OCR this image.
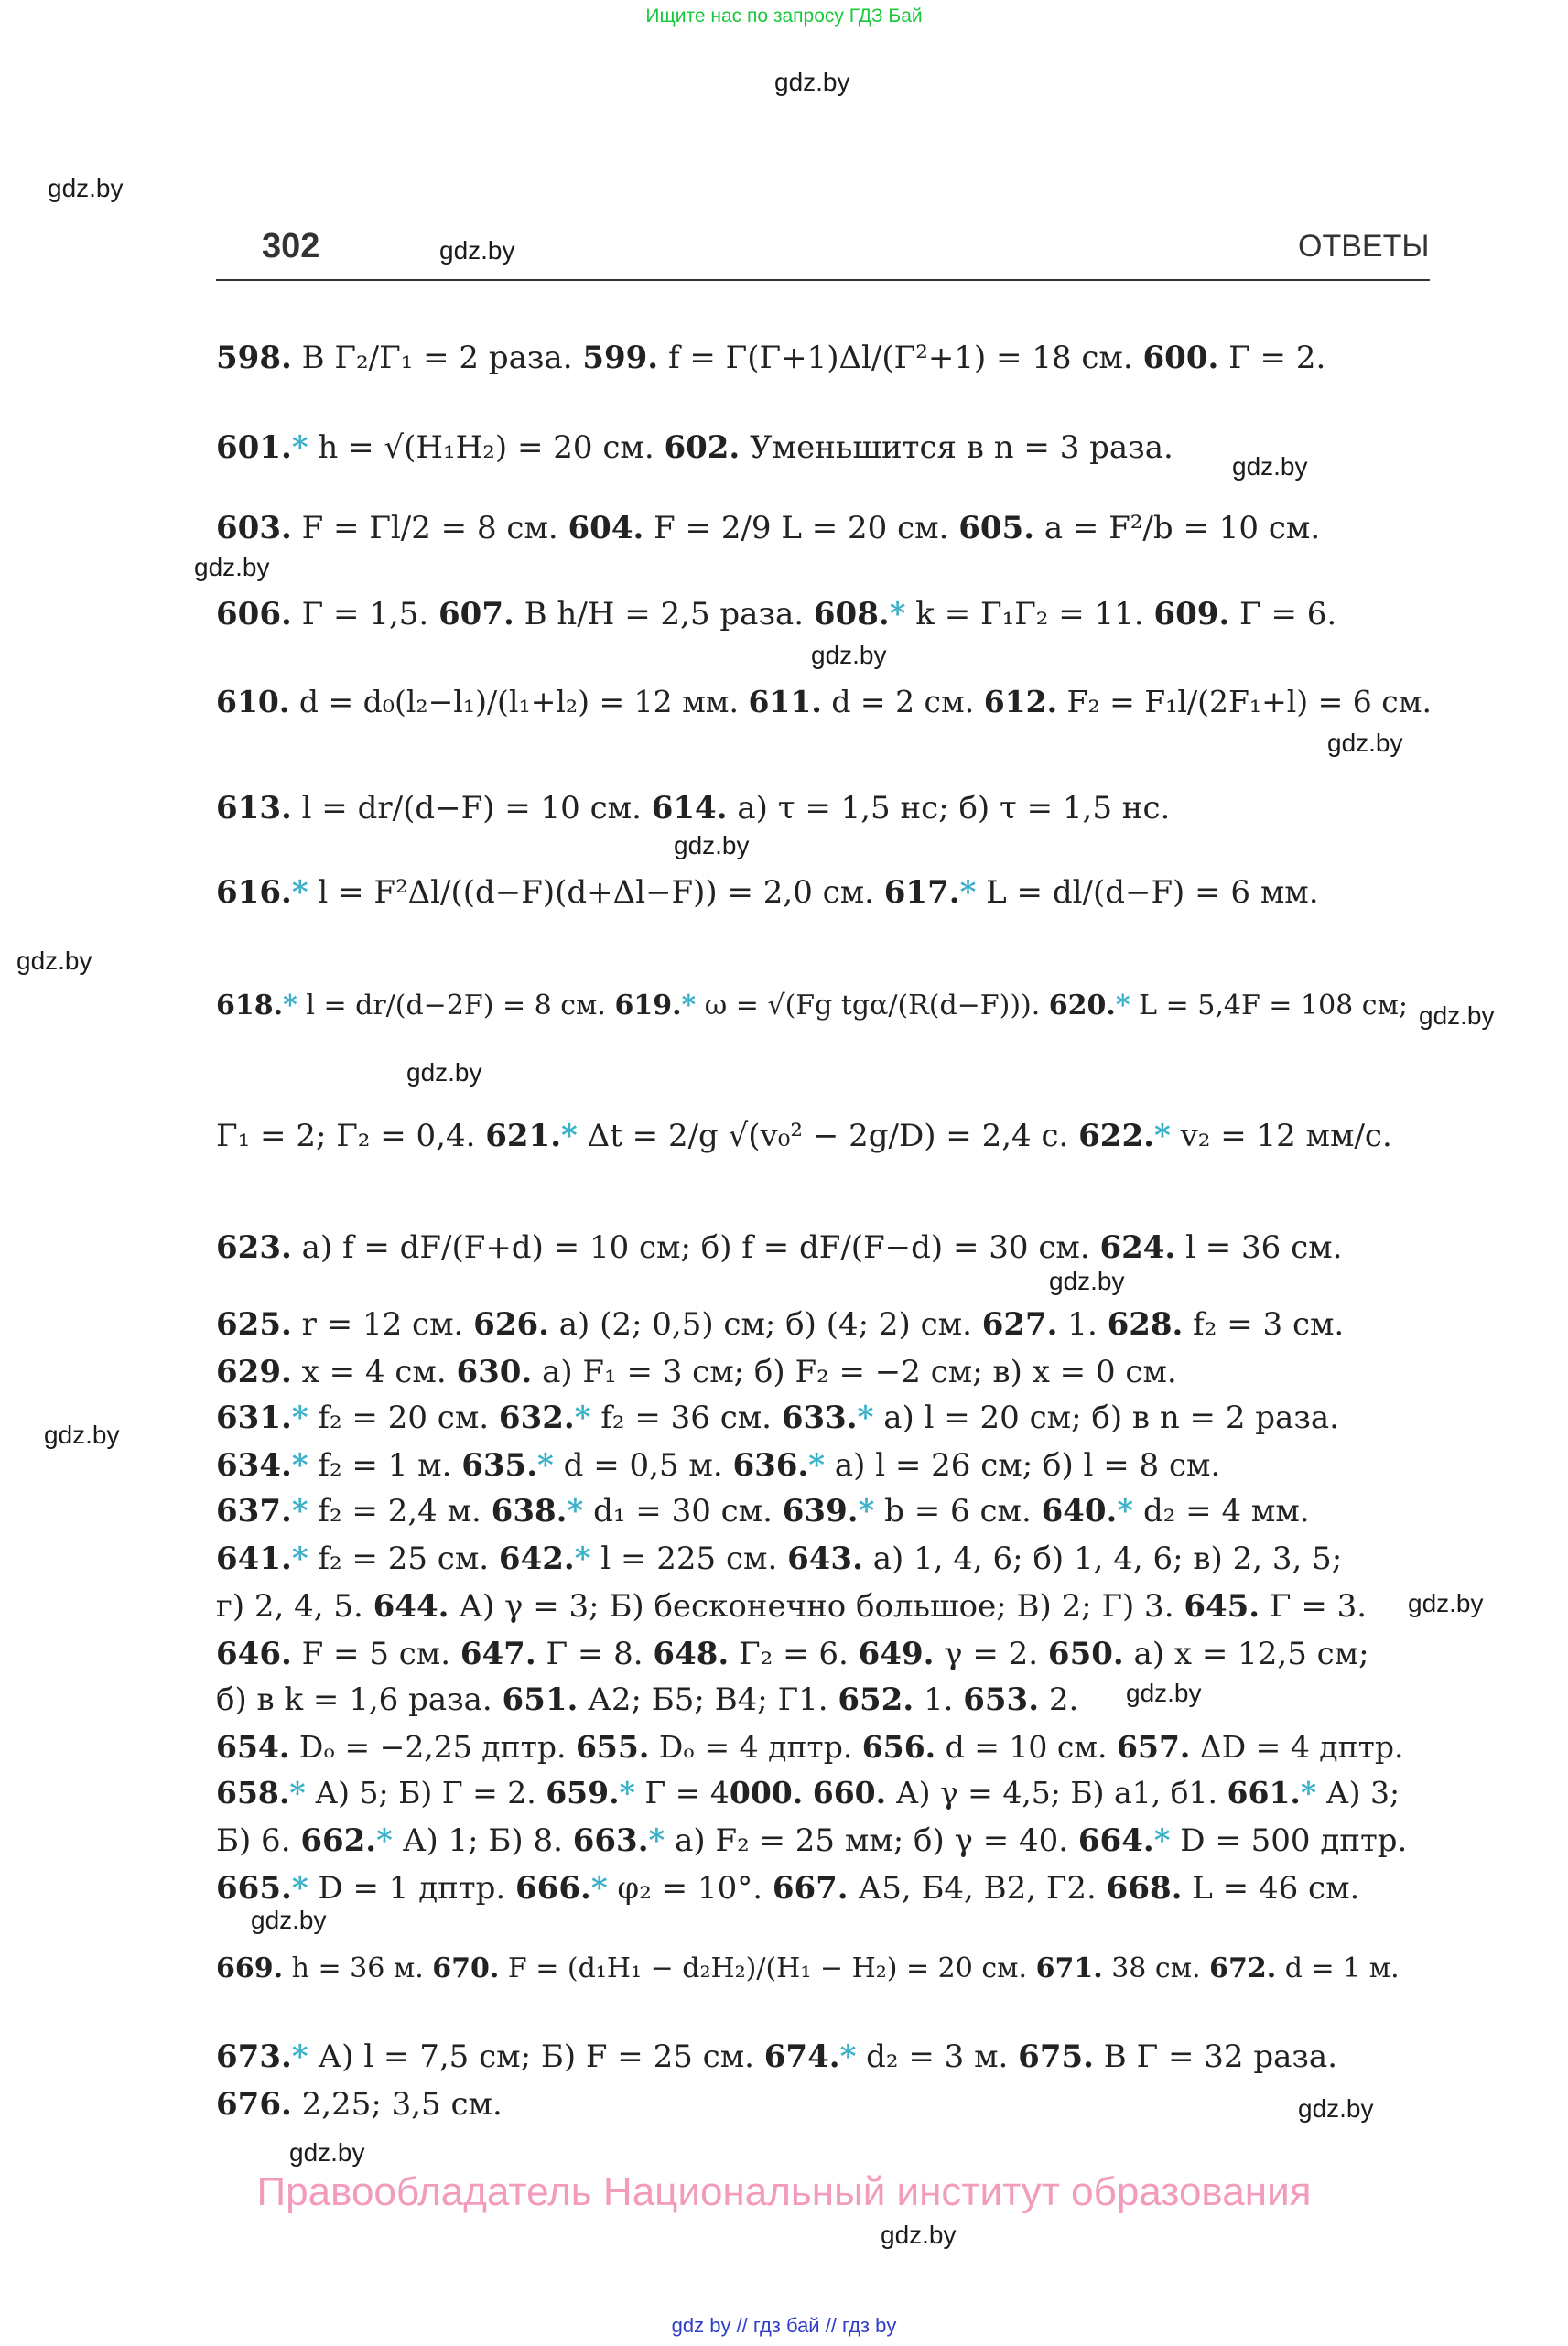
Ищите нас по запросу ГДЗ Бай
gdz.by
gdz.by
gdz.by
gdz.by
gdz.by
gdz.by
gdz.by
gdz.by
gdz.by
gdz.by
gdz.by
gdz.by
gdz.by
gdz.by
gdz.by
gdz.by
gdz.by
gdz.by
gdz.by
302	ОТВЕТЫ
598. В Γ₂/Γ₁ = 2 раза. 599. f = Γ(Γ+1)Δl/(Γ²+1) = 18 см. 600. Γ = 2.
601.* h = √(H₁H₂) = 20 см. 602. Уменьшится в n = 3 раза.
603. F = Γl/2 = 8 см. 604. F = 2/9 L = 20 см. 605. a = F²/b = 10 см.
606. Γ = 1,5. 607. В h/H = 2,5 раза. 608.* k = Γ₁Γ₂ = 11. 609. Γ = 6.
610. d = d₀(l₂−l₁)/(l₁+l₂) = 12 мм. 611. d = 2 см. 612. F₂ = F₁l/(2F₁+l) = 6 см.
613. l = dr/(d−F) = 10 см. 614. а) τ = 1,5 нс; б) τ = 1,5 нс.
616.* l = F²Δl/((d−F)(d+Δl−F)) = 2,0 см. 617.* L = dl/(d−F) = 6 мм.
618.* l = dr/(d−2F) = 8 см. 619.* ω = √(Fg tgα/(R(d−F))). 620.* L = 5,4F = 108 см;
Γ₁ = 2; Γ₂ = 0,4. 621.* Δt = 2/g √(v₀² − 2g/D) = 2,4 с. 622.* v₂ = 12 мм/с.
623. а) f = dF/(F+d) = 10 см; б) f = dF/(F−d) = 30 см. 624. l = 36 см.
625. r = 12 см. 626. а) (2; 0,5) см; б) (4; 2) см. 627. 1. 628. f₂ = 3 см.
629. x = 4 см. 630. а) F₁ = 3 см; б) F₂ = −2 см; в) x = 0 см.
631.* f₂ = 20 см. 632.* f₂ = 36 см. 633.* а) l = 20 см; б) в n = 2 раза.
634.* f₂ = 1 м. 635.* d = 0,5 м. 636.* а) l = 26 см; б) l = 8 см.
637.* f₂ = 2,4 м. 638.* d₁ = 30 см. 639.* b = 6 см. 640.* d₂ = 4 мм.
641.* f₂ = 25 см. 642.* l = 225 см. 643. а) 1, 4, 6; б) 1, 4, 6; в) 2, 3, 5;
г) 2, 4, 5. 644. А) γ = 3; Б) бесконечно большое; В) 2; Г) 3. 645. Γ = 3.
646. F = 5 см. 647. Γ = 8. 648. Γ₂ = 6. 649. γ = 2. 650. а) x = 12,5 см;
б) в k = 1,6 раза. 651. А2; Б5; В4; Г1. 652. 1. 653. 2.
654. Dₒ = −2,25 дптр. 655. Dₒ = 4 дптр. 656. d = 10 см. 657. ΔD = 4 дптр.
658.* А) 5; Б) Γ = 2. 659.* Γ = 4000. 660. А) γ = 4,5; Б) а1, б1. 661.* А) 3;
Б) 6. 662.* А) 1; Б) 8. 663.* а) F₂ = 25 мм; б) γ = 40. 664.* D = 500 дптр.
665.* D = 1 дптр. 666.* φ₂ = 10°. 667. А5, Б4, В2, Г2. 668. L = 46 см.
669. h = 36 м. 670. F = (d₁H₁ − d₂H₂)/(H₁ − H₂) = 20 см. 671. 38 см. 672. d = 1 м.
673.* А) l = 7,5 см; Б) F = 25 см. 674.* d₂ = 3 м. 675. В Γ = 32 раза.
676. 2,25; 3,5 см.
Правообладатель Национальный институт образования
gdz by // гдз бай // гдз by
